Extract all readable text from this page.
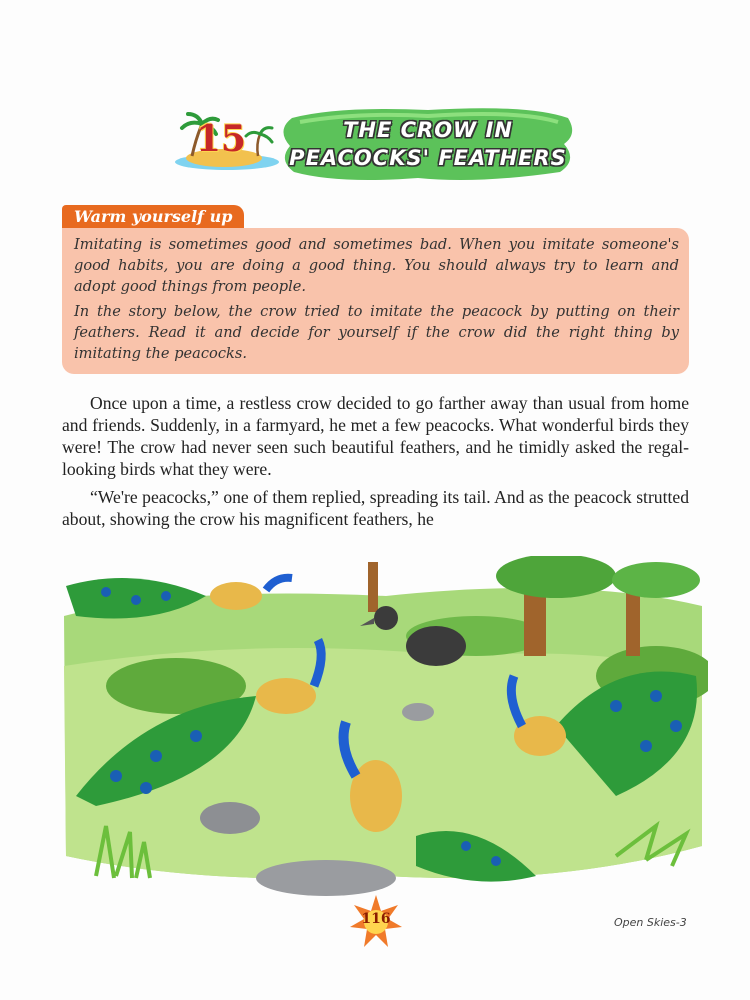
15	THE CROW IN
PEACOCKS' FEATHERS
Warm yourself up

Imitating is sometimes good and sometimes bad. When you imitate someone's good habits, you are doing a good thing. You should always try to learn and adopt good things from people.

In the story below, the crow tried to imitate the peacock by putting on their feathers. Read it and decide for yourself if the crow did the right thing by imitating the peacocks.

Once upon a time, a restless crow decided to go farther away than usual from home and friends. Suddenly, in a farmyard, he met a few peacocks. What wonderful birds they were! The crow had never seen such beautiful feathers, and he timidly asked the regal-looking birds what they were.

“We're peacocks,” one of them replied, spreading its tail. And as the peacock strutted about, showing the crow his magnificent feathers, he

116	Open Skies-3
